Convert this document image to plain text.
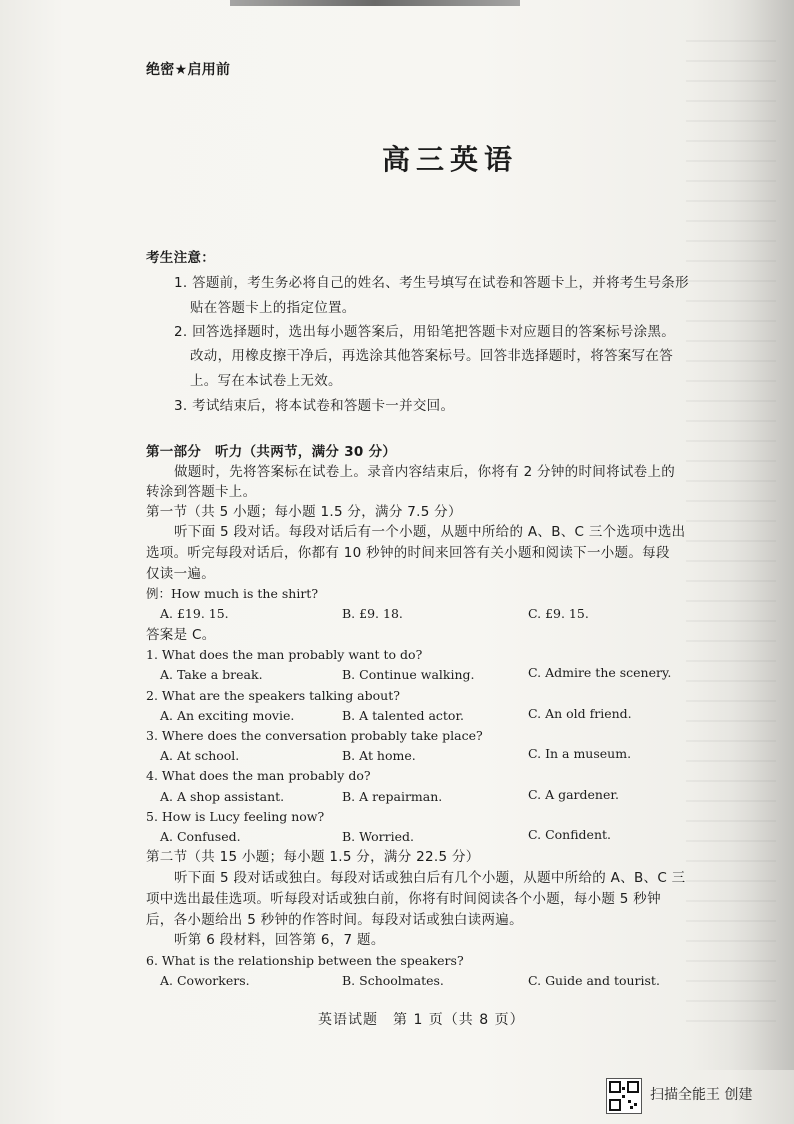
绝密★启用前
高三英语
考生注意：
1. 答题前，考生务必将自己的姓名、考生号填写在试卷和答题卡上，并将考生号条形
贴在答题卡上的指定位置。
2. 回答选择题时，选出每小题答案后，用铅笔把答题卡对应题目的答案标号涂黑。
改动，用橡皮擦干净后，再选涂其他答案标号。回答非选择题时，将答案写在答
上。写在本试卷上无效。
3. 考试结束后，将本试卷和答题卡一并交回。
第一部分　听力（共两节，满分 30 分）
做题时，先将答案标在试卷上。录音内容结束后，你将有 2 分钟的时间将试卷上的
转涂到答题卡上。
第一节（共 5 小题；每小题 1.5 分，满分 7.5 分）
听下面 5 段对话。每段对话后有一个小题，从题中所给的 A、B、C 三个选项中选出
选项。听完每段对话后，你都有 10 秒钟的时间来回答有关小题和阅读下一小题。每段
仅读一遍。
例：How much is the shirt?
A. £19. 15.	B. £9. 18.	C. £9. 15.
答案是 C。
1. What does the man probably want to do?
A. Take a break.	B. Continue walking.	C. Admire the scenery.
2. What are the speakers talking about?
A. An exciting movie.	B. A talented actor.	C. An old friend.
3. Where does the conversation probably take place?
A. At school.	B. At home.	C. In a museum.
4. What does the man probably do?
A. A shop assistant.	B. A repairman.	C. A gardener.
5. How is Lucy feeling now?
A. Confused.	B. Worried.	C. Confident.
第二节（共 15 小题；每小题 1.5 分，满分 22.5 分）
听下面 5 段对话或独白。每段对话或独白后有几个小题，从题中所给的 A、B、C 三
项中选出最佳选项。听每段对话或独白前，你将有时间阅读各个小题，每小题 5 秒钟
后，各小题给出 5 秒钟的作答时间。每段对话或独白读两遍。
听第 6 段材料，回答第 6，7 题。
6. What is the relationship between the speakers?
A. Coworkers.	B. Schoolmates.	C. Guide and tourist.
英语试题　第 1 页（共 8 页）
扫描全能王 创建
